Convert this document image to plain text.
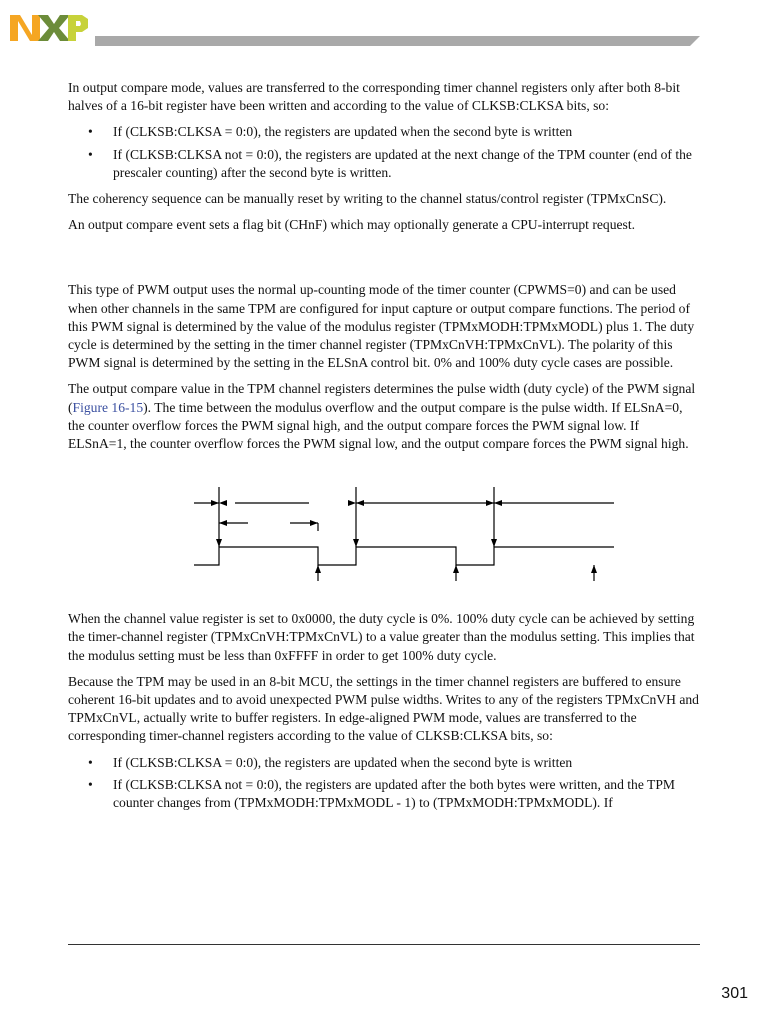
In output compare mode, values are transferred to the corresponding timer channel registers only after both 8-bit halves of a 16-bit register have been written and according to the value of CLKSB:CLKSA bits, so:

• If (CLKSB:CLKSA = 0:0), the registers are updated when the second byte is written
• If (CLKSB:CLKSA not = 0:0), the registers are updated at the next change of the TPM counter (end of the prescaler counting) after the second byte is written.

The coherency sequence can be manually reset by writing to the channel status/control register (TPMxCnSC).

An output compare event sets a flag bit (CHnF) which may optionally generate a CPU-interrupt request.

This type of PWM output uses the normal up-counting mode of the timer counter (CPWMS=0) and can be used when other channels in the same TPM are configured for input capture or output compare functions. The period of this PWM signal is determined by the value of the modulus register (TPMxMODH:TPMxMODL) plus 1. The duty cycle is determined by the setting in the timer channel register (TPMxCnVH:TPMxCnVL). The polarity of this PWM signal is determined by the setting in the ELSnA control bit. 0% and 100% duty cycle cases are possible.

The output compare value in the TPM channel registers determines the pulse width (duty cycle) of the PWM signal (Figure 16-15). The time between the modulus overflow and the output compare is the pulse width. If ELSnA=0, the counter overflow forces the PWM signal high, and the output compare forces the PWM signal low. If ELSnA=1, the counter overflow forces the PWM signal low, and the output compare forces the PWM signal high.

When the channel value register is set to 0x0000, the duty cycle is 0%. 100% duty cycle can be achieved by setting the timer-channel register (TPMxCnVH:TPMxCnVL) to a value greater than the modulus setting. This implies that the modulus setting must be less than 0xFFFF in order to get 100% duty cycle.

Because the TPM may be used in an 8-bit MCU, the settings in the timer channel registers are buffered to ensure coherent 16-bit updates and to avoid unexpected PWM pulse widths. Writes to any of the registers TPMxCnVH and TPMxCnVL, actually write to buffer registers. In edge-aligned PWM mode, values are transferred to the corresponding timer-channel registers according to the value of CLKSB:CLKSA bits, so:

• If (CLKSB:CLKSA = 0:0), the registers are updated when the second byte is written
• If (CLKSB:CLKSA not = 0:0), the registers are updated after the both bytes were written, and the TPM counter changes from (TPMxMODH:TPMxMODL - 1) to (TPMxMODH:TPMxMODL). If
301
